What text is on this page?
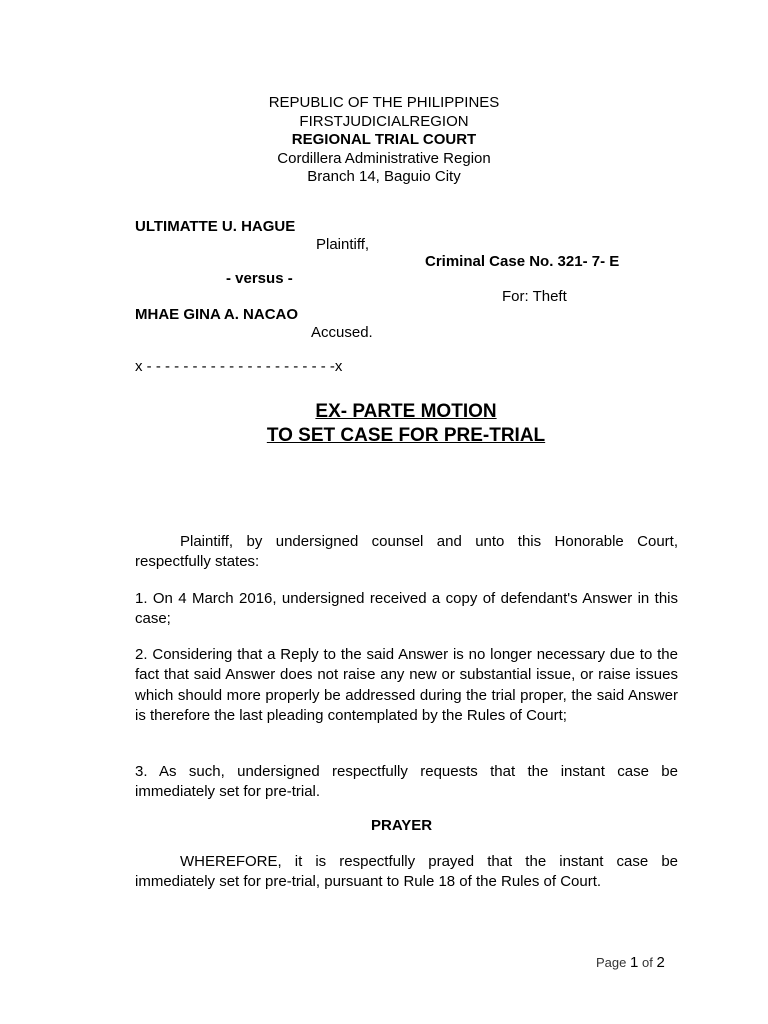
REPUBLIC OF THE PHILIPPINES
FIRSTJUDICIALREGION
REGIONAL TRIAL COURT
Cordillera Administrative Region
Branch 14, Baguio City
ULTIMATTE U. HAGUE
Plaintiff,
Criminal Case No. 321- 7- E
- versus -
For: Theft
MHAE GINA A. NACAO
Accused.
x - - - - - - - - - - - - - - - - - - - - -x
EX- PARTE MOTION
TO SET CASE FOR PRE-TRIAL
Plaintiff, by undersigned counsel and unto this Honorable Court, respectfully states:
1. On 4 March 2016, undersigned received a copy of defendant's Answer in this case;
2. Considering that a Reply to the said Answer is no longer necessary due to the fact that said Answer does not raise any new or substantial issue, or raise issues which should more properly be addressed during the trial proper, the said Answer is therefore the last pleading contemplated by the Rules of Court;
3. As such, undersigned respectfully requests that the instant case be immediately set for pre-trial.
PRAYER
WHEREFORE, it is respectfully prayed that the instant case be immediately set for pre-trial, pursuant to Rule 18 of the Rules of Court.
Page 1 of 2
